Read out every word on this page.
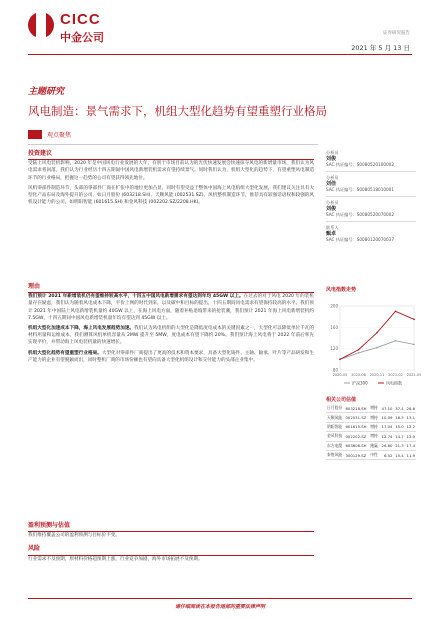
CICC
中金公司	证券研究报告
2021 年 5 月 13 日
主题研究
风电制造：景气需求下，机组大型化趋势有望重塑行业格局
观点聚焦
投资建议
受陆上风电装机影响，2020 年是中国风电行业发展的大年，有别于市场目前认为的光伏快速发展会快速掠夺风电的新增量市场，我们认为风电需求将回落，我们认为行业经历十四五期间中国风电新增装机需求有望持续景气。同时我们认为，机组大型化的趋势下，有望重塑风电制造环节的行业格局，把握这一趋势的公司有望获得领先地位。
风机零部件制造环节，头部的零部件厂商在扩张中的地位更加凸显，同时有望受益于整体中国海上风电机组大型化发展，我们建议关注具有大型化产品布局及海外提升的公司，如日月股份 (603218.SH)、天顺风能 (002531.SZ)、风机整机制造环节，推荐具有较强话语权和较强的风机设计能力的公司，如明阳智能 (601615.SH) 和金风科技 (002202.SZ/2208.HK)。
理由
我们预计 2021 年新增装机仍有望维持较高水平，十四五中国风电新增需求有望达到年均 45GW 以上。在过去的对于风电 2020 年的装机量存在疑虑，我们认为随着风电成本下降，平价上网的时代到来，以及碳中和目标的提出，十四五期间风电需求有望保持较高的水平。我们预计 2021 年中国陆上风电新增装机量约 40GW 以上，在海上风电方面，随着补贴退坡带来的抢装潮，我们预计 2021 年海上风电新增装机约 7.5GW，十四五期间中国风电新增装机量年均有望达到 45GW 以上。
机组大型化加速成本下降，海上风电发展趋势加速。我们认为风电机组的大型化是降低度电成本的关键因素之一，大型化可以降低单位千瓦的材料用量和运维成本，我们测算风机单机容量从 2MW 提升至 5MW，度电成本有望下降约 20%。我们预计海上风电将于 2022 年前后率先实现平价，并带动海上风电装机量的快速增长。
机组大型化趋势有望重塑行业格局。大型化对零部件厂商提出了更高的技术和资本要求，具备大型化铸件、主轴、轴承、叶片等产品研发和生产能力的企业有望脱颖而出，同时整机厂商的市场份额也有望向具备大型化机组设计和交付能力的头部企业集中。
盈利预测与估值
我们维持覆盖公司的盈利预测与目标价不变。
风险
行业需求不及预期，原材料价格超预期上涨，行业竞争加剧，海外市场拓展不及预期。
分析员
刘俊
SAC 执证编号：S0080520100002
分析员
刘佳
SAC 执证编号：S0080518010001
分析员
刘俊
SAC 执证编号：S0080520070002
联系人
甄卓
SAC 执证编号：S0080120070037
风电指数走势
80
120
160
200
2020-05 2020-08 2020-11 2021-02 2021-05
沪深300	风电指数
相关公司估值
日月股份	603218.SH	增持	47.10	37.4	26.6
天顺风能	002531.SZ	增持	10.09	16.3	13.1
明阳智能	601615.SH	增持	17.04	15.0	12.2
金风科技	002202.SZ	增持	12.74	14.7	12.0
东方电缆	603606.SH	跑赢	26.60	21.3	17.4
泰胜风能	300129.SZ	中性	6.52	15.4	11.9
请仔细阅读在本报告尾部的重要法律声明
